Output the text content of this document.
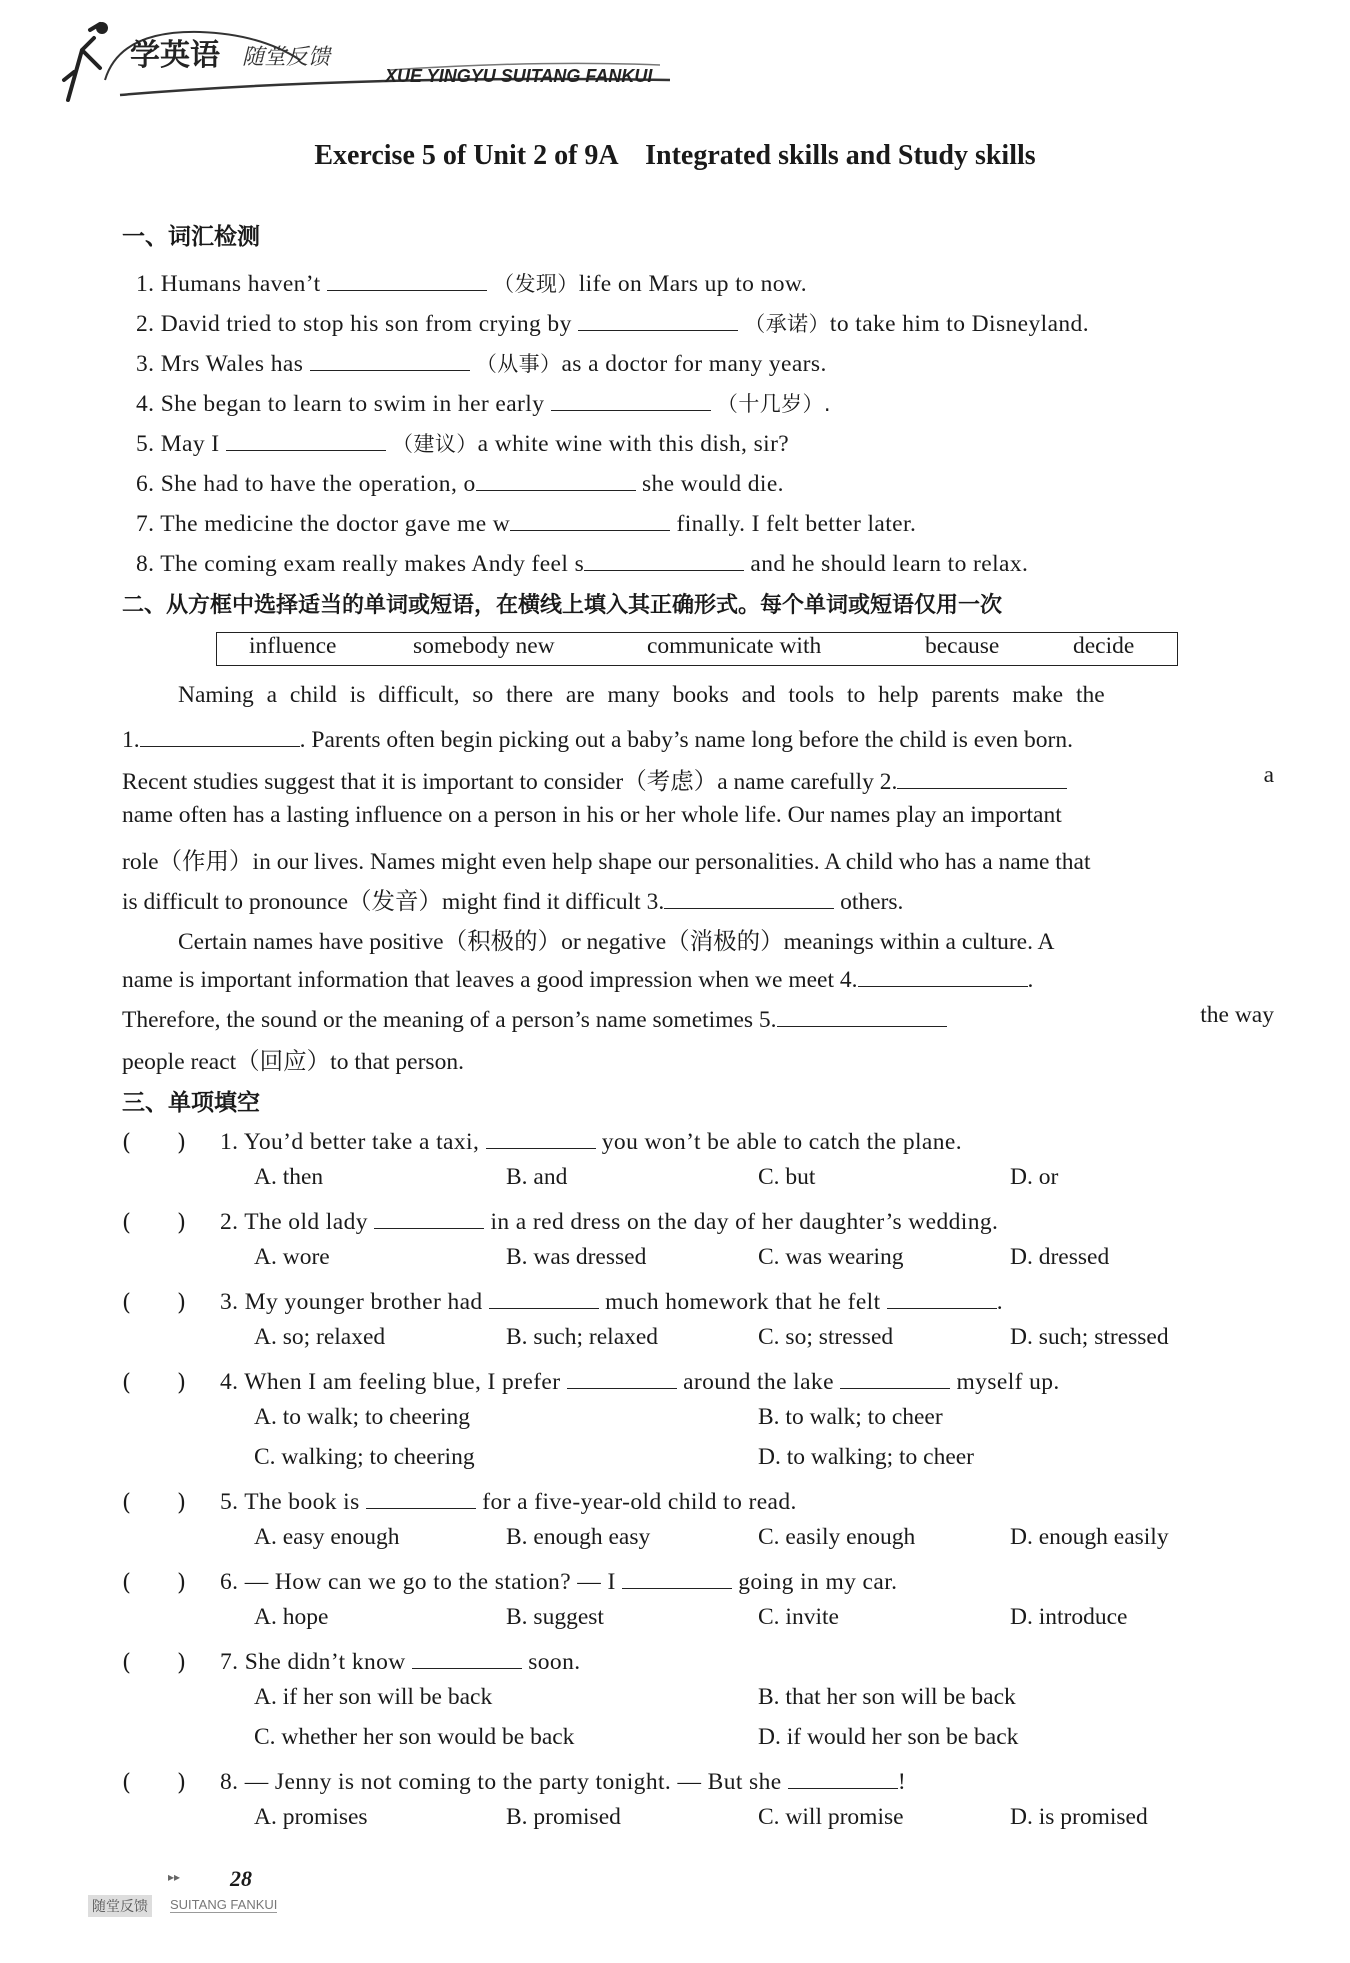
学英语 随堂反馈
XUE YINGYU SUITANG FANKUI
Exercise 5 of Unit 2 of 9A    Integrated skills and Study skills
一、词汇检测
1. Humans haven’t	（发现）life on Mars up to now.
2. David tried to stop his son from crying by	（承诺）to take him to Disneyland.
3. Mrs Wales has	（从事）as a doctor for many years.
4. She began to learn to swim in her early	（十几岁）.
5. May I	（建议）a white wine with this dish, sir?
6. She had to have the operation, o	she would die.
7. The medicine the doctor gave me w	finally. I felt better later.
8. The coming exam really makes Andy feel s	and he should learn to relax.
二、从方框中选择适当的单词或短语，在横线上填入其正确形式。每个单词或短语仅用一次
influence	somebody new	communicate with	because	decide
Naming a child is difficult, so there are many books and tools to help parents make the
1.	. Parents often begin picking out a baby’s name long before the child is even born.
Recent studies suggest that it is important to consider（考虑）a name carefully 2.	a
name often has a lasting influence on a person in his or her whole life. Our names play an important
role（作用）in our lives. Names might even help shape our personalities. A child who has a name that
is difficult to pronounce（发音）might find it difficult 3.	others.
Certain names have positive（积极的）or negative（消极的）meanings within a culture. A
name is important information that leaves a good impression when we meet 4.	.
Therefore, the sound or the meaning of a person’s name sometimes 5.	the way
people react（回应）to that person.
三、单项填空
(　　) 1. You’d better take a taxi,	you won’t be able to catch the plane.
A. then	B. and	C. but	D. or
(　　) 2. The old lady	in a red dress on the day of her daughter’s wedding.
A. wore	B. was dressed	C. was wearing	D. dressed
(　　) 3. My younger brother had	much homework that he felt	.
A. so; relaxed	B. such; relaxed	C. so; stressed	D. such; stressed
(　　) 4. When I am feeling blue, I prefer	around the lake	myself up.
A. to walk; to cheering	B. to walk; to cheer
C. walking; to cheering	D. to walking; to cheer
(　　) 5. The book is	for a five-year-old child to read.
A. easy enough	B. enough easy	C. easily enough	D. enough easily
(　　) 6. — How can we go to the station? — I	going in my car.
A. hope	B. suggest	C. invite	D. introduce
(　　) 7. She didn’t know	soon.
A. if her son will be back	B. that her son will be back
C. whether her son would be back	D. if would her son be back
(　　) 8. — Jenny is not coming to the party tonight. — But she	!
A. promises	B. promised	C. will promise	D. is promised
▸▸ 28
随堂反馈	SUITANG FANKUI
